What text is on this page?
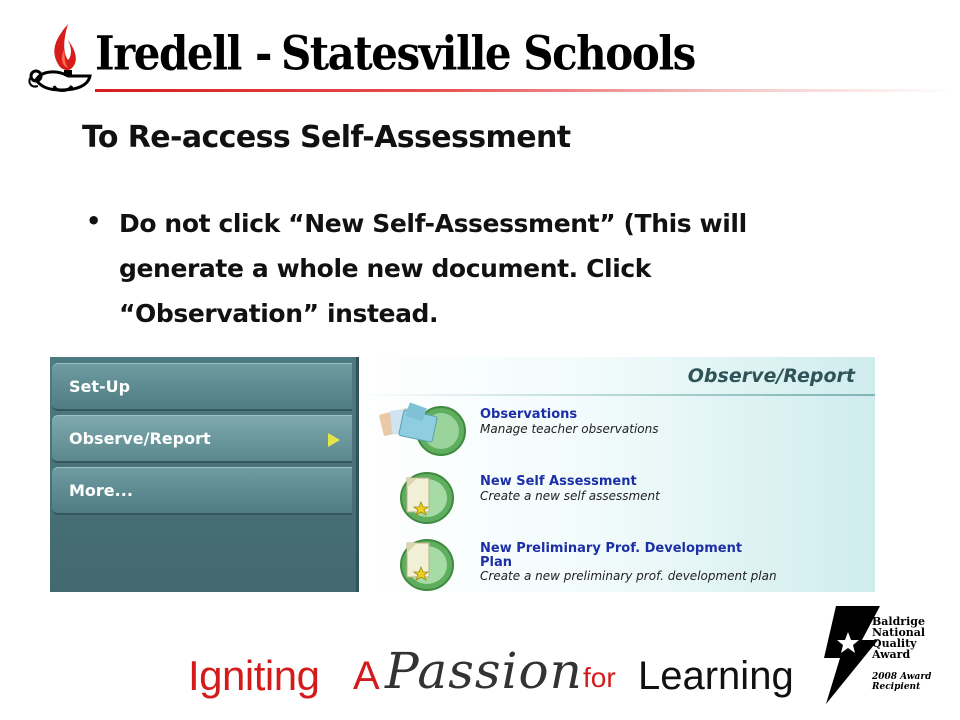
Iredell - Statesville Schools
To Re-access Self-Assessment
• Do not click “New Self-Assessment” (This will generate a whole new document. Click “Observation” instead.
Set-Up
Observe/Report
More...
Observe/Report
Observations
Manage teacher observations
New Self Assessment
Create a new self assessment
New Preliminary Prof. Development
Plan
Create a new preliminary prof. development plan
Igniting A Passion for Learning
Baldrige
National
Quality
Award
2008 Award
Recipient
